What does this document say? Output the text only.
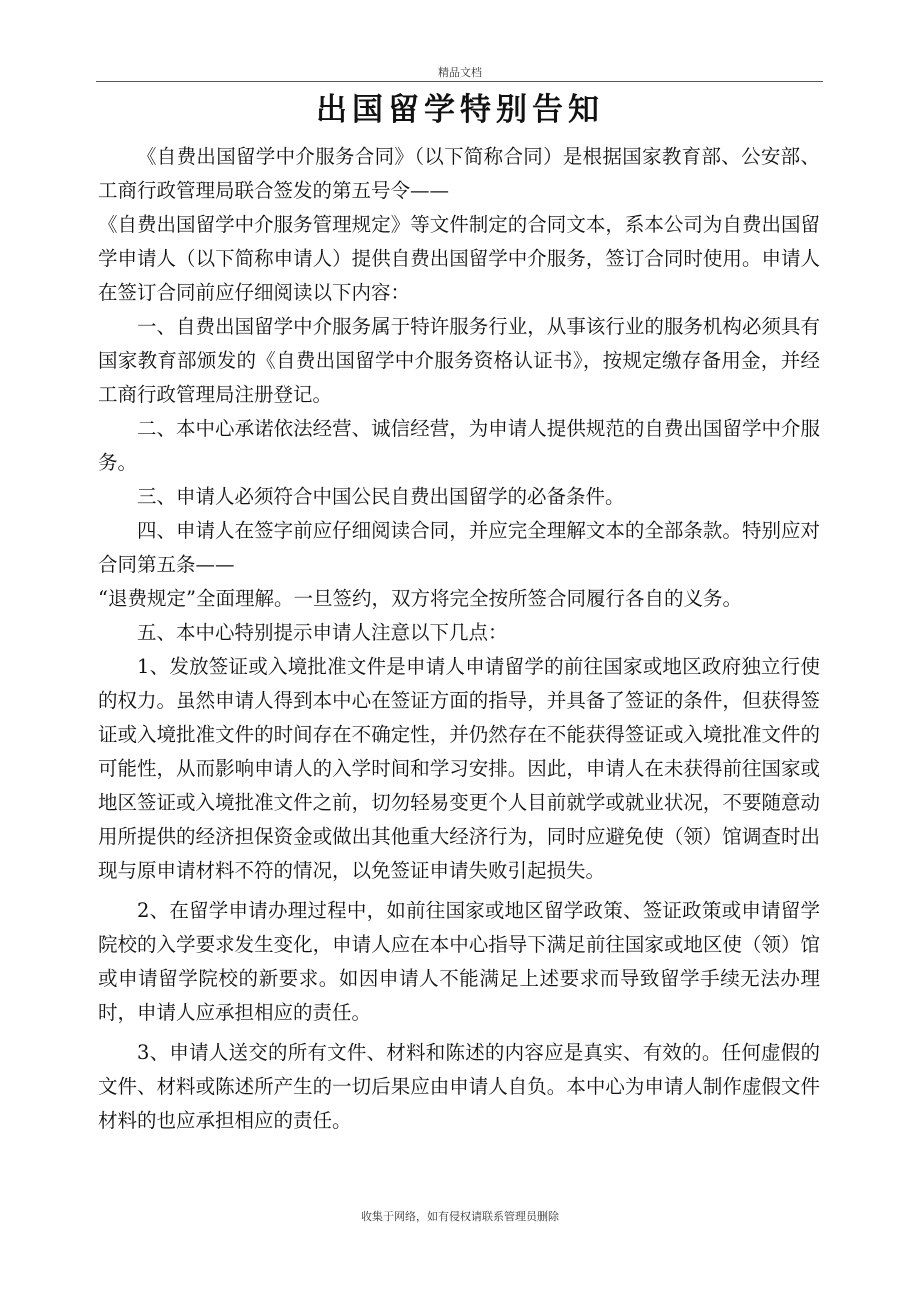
精品文档
出国留学特别告知

《自费出国留学中介服务合同》（以下简称合同）是根据国家教育部、公安部、工商行政管理局联合签发的第五号令——

《自费出国留学中介服务管理规定》等文件制定的合同文本，系本公司为自费出国留学申请人（以下简称申请人）提供自费出国留学中介服务，签订合同时使用。申请人在签订合同前应仔细阅读以下内容：

一、自费出国留学中介服务属于特许服务行业，从事该行业的服务机构必须具有国家教育部颁发的《自费出国留学中介服务资格认证书》，按规定缴存备用金，并经工商行政管理局注册登记。

二、本中心承诺依法经营、诚信经营，为申请人提供规范的自费出国留学中介服务。

三、申请人必须符合中国公民自费出国留学的必备条件。

四、申请人在签字前应仔细阅读合同，并应完全理解文本的全部条款。特别应对合同第五条——

“退费规定”全面理解。一旦签约，双方将完全按所签合同履行各自的义务。

五、本中心特别提示申请人注意以下几点：

1、发放签证或入境批准文件是申请人申请留学的前往国家或地区政府独立行使的权力。虽然申请人得到本中心在签证方面的指导，并具备了签证的条件，但获得签证或入境批准文件的时间存在不确定性，并仍然存在不能获得签证或入境批准文件的可能性，从而影响申请人的入学时间和学习安排。因此，申请人在未获得前往国家或地区签证或入境批准文件之前，切勿轻易变更个人目前就学或就业状况，不要随意动用所提供的经济担保资金或做出其他重大经济行为，同时应避免使（领）馆调查时出现与原申请材料不符的情况，以免签证申请失败引起损失。

2、在留学申请办理过程中，如前往国家或地区留学政策、签证政策或申请留学院校的入学要求发生变化，申请人应在本中心指导下满足前往国家或地区使（领）馆或申请留学院校的新要求。如因申请人不能满足上述要求而导致留学手续无法办理时，申请人应承担相应的责任。

3、申请人送交的所有文件、材料和陈述的内容应是真实、有效的。任何虚假的文件、材料或陈述所产生的一切后果应由申请人自负。本中心为申请人制作虚假文件材料的也应承担相应的责任。

收集于网络，如有侵权请联系管理员删除
